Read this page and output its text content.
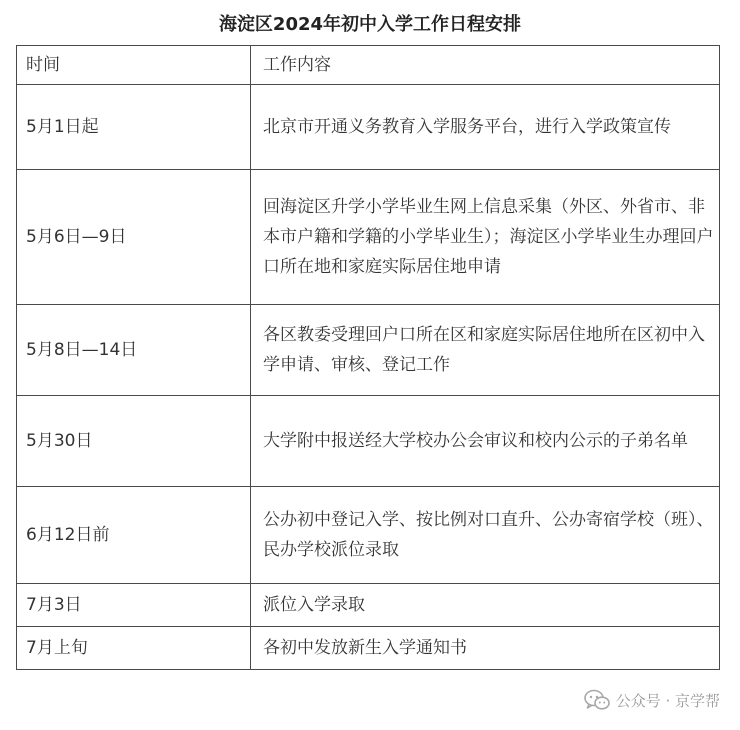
海淀区2024年初中入学工作日程安排
时间	工作内容
5月1日起	北京市开通义务教育入学服务平台，进行入学政策宣传
5月6日—9日	回海淀区升学小学毕业生网上信息采集（外区、外省市、非本市户籍和学籍的小学毕业生）；海淀区小学毕业生办理回户口所在地和家庭实际居住地申请
5月8日—14日	各区教委受理回户口所在区和家庭实际居住地所在区初中入学申请、审核、登记工作
5月30日	大学附中报送经大学校办公会审议和校内公示的子弟名单
6月12日前	公办初中登记入学、按比例对口直升、公办寄宿学校（班）、民办学校派位录取
7月3日	派位入学录取
7月上旬	各初中发放新生入学通知书
公众号 · 京学帮
